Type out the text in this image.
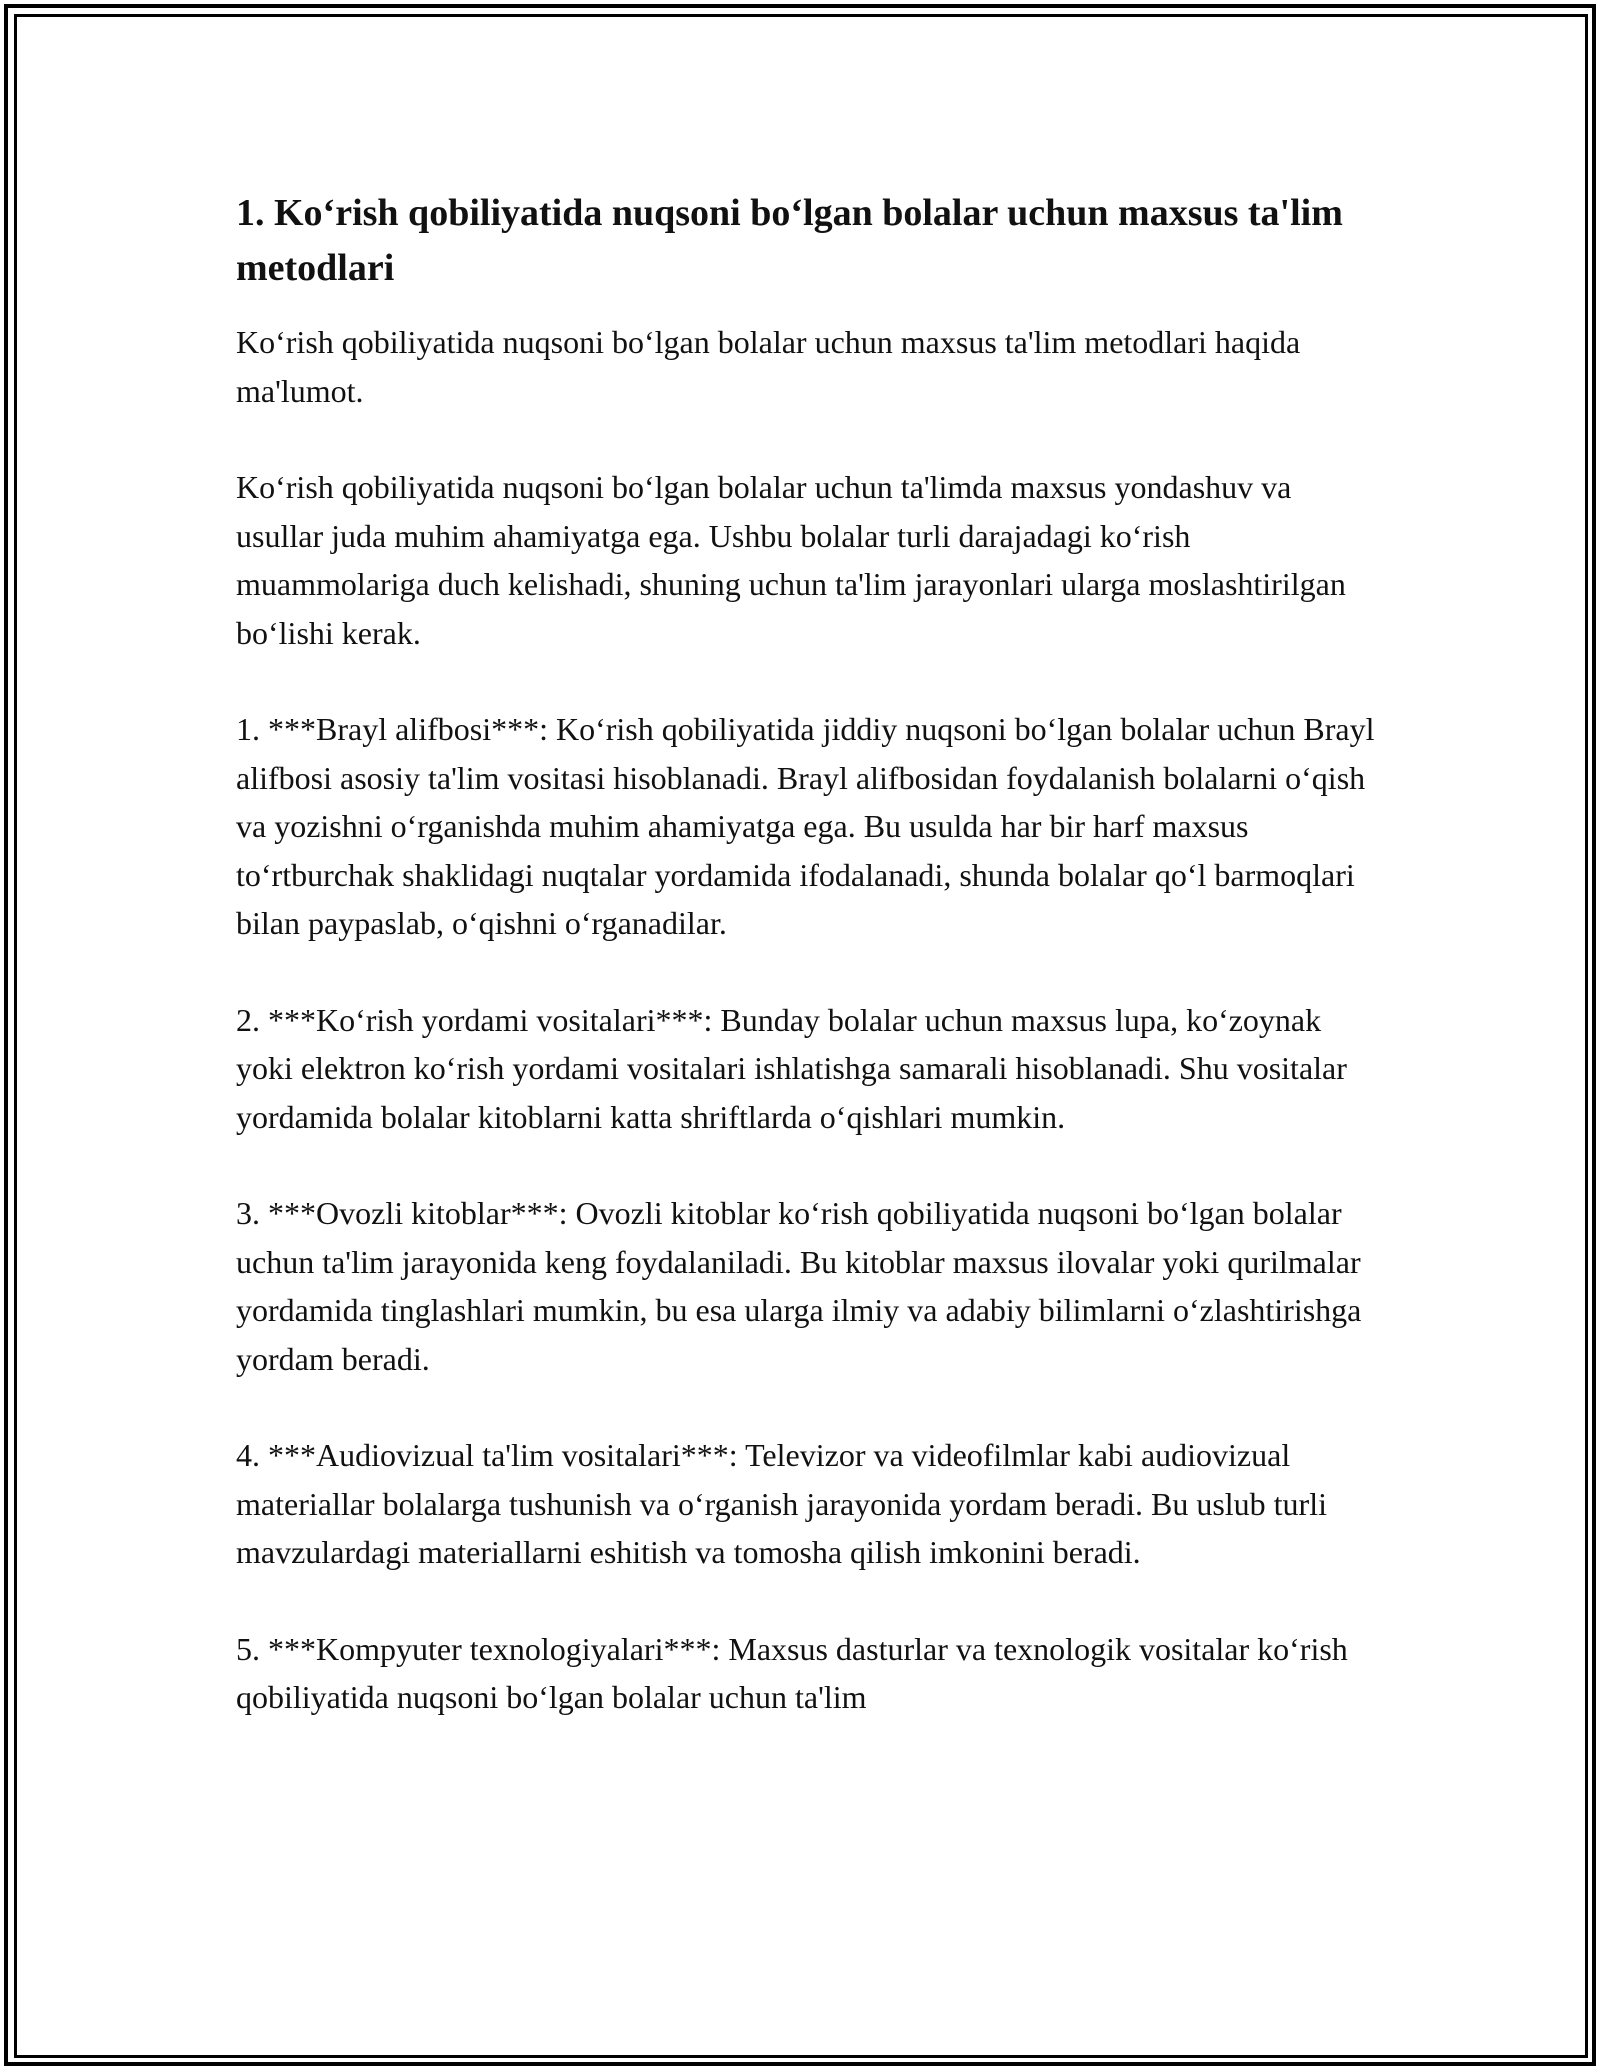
1. Koʻrish qobiliyatida nuqsoni boʻlgan bolalar uchun maxsus ta'lim metodlari

Koʻrish qobiliyatida nuqsoni boʻlgan bolalar uchun maxsus ta'lim metodlari haqida ma'lumot.

Koʻrish qobiliyatida nuqsoni boʻlgan bolalar uchun ta'limda maxsus yondashuv va usullar juda muhim ahamiyatga ega. Ushbu bolalar turli darajadagi koʻrish muammolariga duch kelishadi, shuning uchun ta'lim jarayonlari ularga moslashtirilgan boʻlishi kerak.

1. ***Brayl alifbosi***: Koʻrish qobiliyatida jiddiy nuqsoni boʻlgan bolalar uchun Brayl alifbosi asosiy ta'lim vositasi hisoblanadi. Brayl alifbosidan foydalanish bolalarni oʻqish va yozishni oʻrganishda muhim ahamiyatga ega. Bu usulda har bir harf maxsus toʻrtburchak shaklidagi nuqtalar yordamida ifodalanadi, shunda bolalar qoʻl barmoqlari bilan paypaslab, oʻqishni oʻrganadilar.

2. ***Koʻrish yordami vositalari***: Bunday bolalar uchun maxsus lupa, koʻzoynak yoki elektron koʻrish yordami vositalari ishlatishga samarali hisoblanadi. Shu vositalar yordamida bolalar kitoblarni katta shriftlarda oʻqishlari mumkin.

3. ***Ovozli kitoblar***: Ovozli kitoblar koʻrish qobiliyatida nuqsoni boʻlgan bolalar uchun ta'lim jarayonida keng foydalaniladi. Bu kitoblar maxsus ilovalar yoki qurilmalar yordamida tinglashlari mumkin, bu esa ularga ilmiy va adabiy bilimlarni oʻzlashtirishga yordam beradi.

4. ***Audiovizual ta'lim vositalari***: Televizor va videofilmlar kabi audiovizual materiallar bolalarga tushunish va oʻrganish jarayonida yordam beradi. Bu uslub turli mavzulardagi materiallarni eshitish va tomosha qilish imkonini beradi.

5. ***Kompyuter texnologiyalari***: Maxsus dasturlar va texnologik vositalar koʻrish qobiliyatida nuqsoni boʻlgan bolalar uchun ta'lim
